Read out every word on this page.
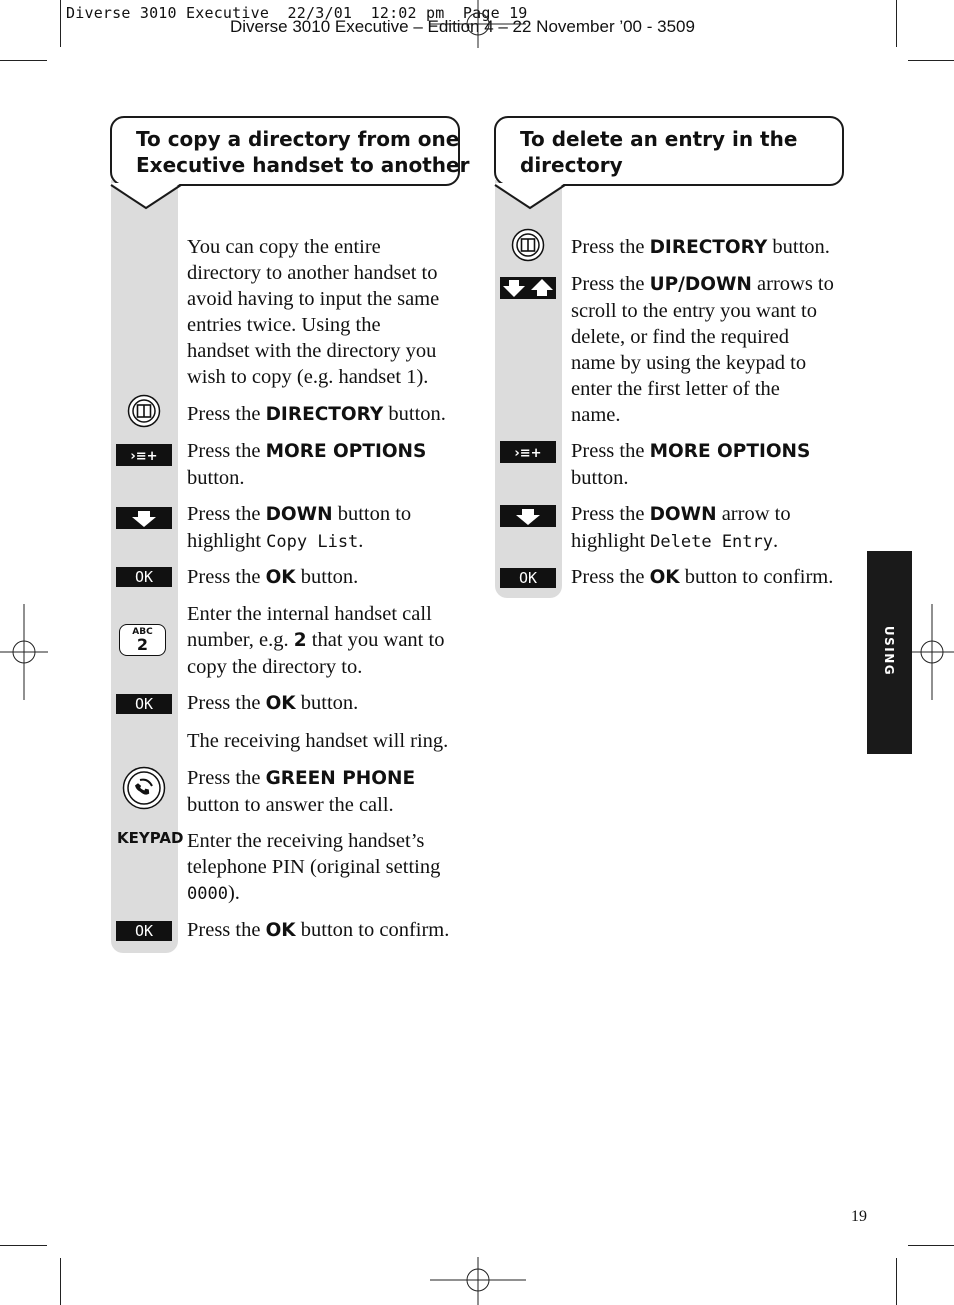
Diverse 3010 Executive  22/3/01  12:02 pm  Page 19
Diverse 3010 Executive – Edition 4 – 22 November ’00 - 3509
To copy a directory from one
Executive handset to another
You can copy the entire
directory to another handset to
avoid having to input the same
entries twice. Using the
handset with the directory you
wish to copy (e.g. handset 1).
Press the DIRECTORY button.
›≡+ Press the MORE OPTIONS
button.
Press the DOWN button to
highlight Copy List.
OK	Press the OK button.
ABC
2
Enter the internal handset call
number, e.g. 2 that you want to
copy the directory to.
OK	Press the OK button.
The receiving handset will ring.
Press the GREEN PHONE
button to answer the call.
KEYPAD Enter the receiving handset’s
telephone PIN (original setting
0000).
OK	Press the OK button to confirm.
To delete an entry in the
directory
Press the DIRECTORY button.
Press the UP/DOWN arrows to
scroll to the entry you want to
delete, or find the required
name by using the keypad to
enter the first letter of the
name.
›≡+ Press the MORE OPTIONS
button.
Press the DOWN arrow to
highlight Delete Entry.
OK	Press the OK button to confirm.
USING
19
